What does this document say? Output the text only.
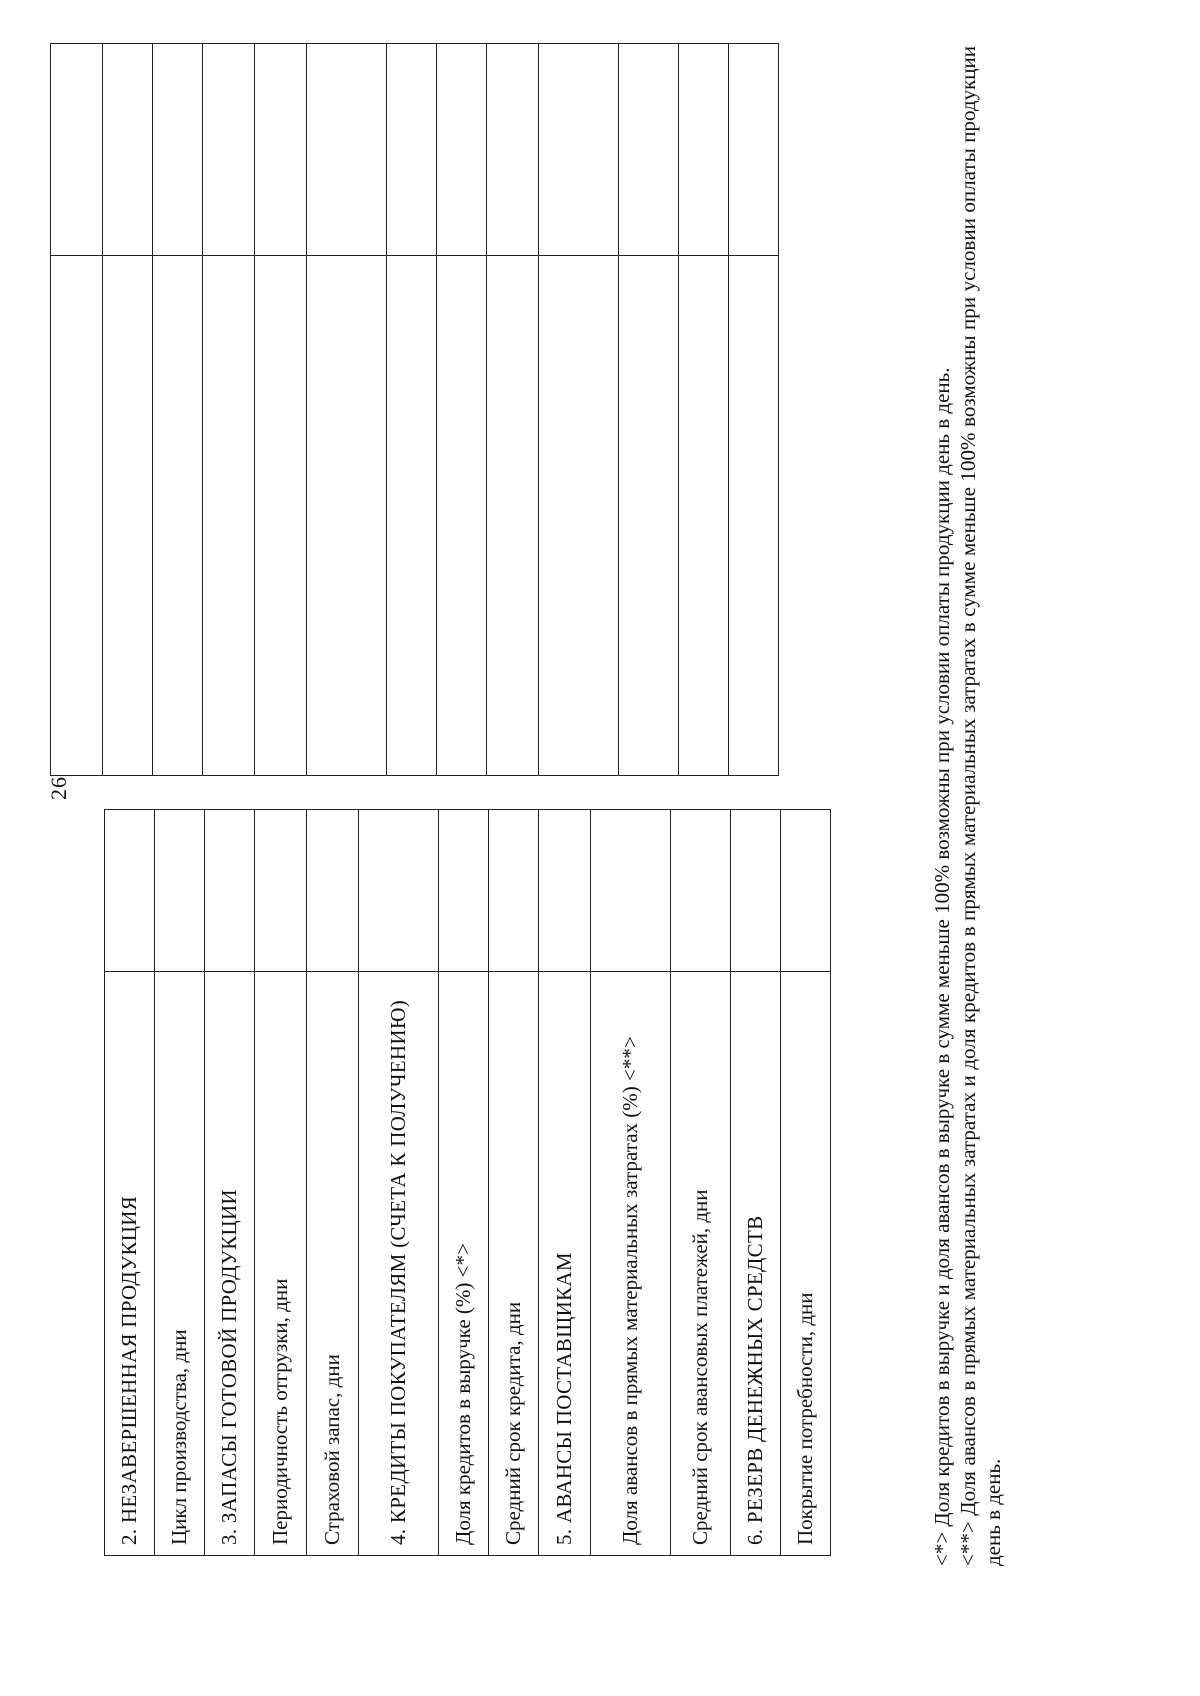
26
2. НЕЗАВЕРШЕННАЯ ПРОДУКЦИЯ	
Цикл производства, дни	
3. ЗАПАСЫ ГОТОВОЙ ПРОДУКЦИИ	
Периодичность отгрузки, дни	
Страховой запас, дни	
4. КРЕДИТЫ ПОКУПАТЕЛЯМ (СЧЕТА К ПОЛУЧЕНИЮ)	
Доля кредитов в выручке (%) <*>	
Средний срок кредита, дни	
5. АВАНСЫ ПОСТАВЩИКАМ	
Доля авансов в прямых материальных затратах (%) <**>	
Средний срок авансовых платежей, дни	
6. РЕЗЕРВ ДЕНЕЖНЫХ СРЕДСТВ	
Покрытие потребности, дни	

		<*> Доля кредитов в выручке и доля авансов в выручке в сумме меньше 100% возможны при условии оплаты продукции день в день. <**> Доля авансов в прямых материальных затратах и доля кредитов в прямых материальных затратах в сумме меньше 100% возможны при условии оплаты продукции день в день.
